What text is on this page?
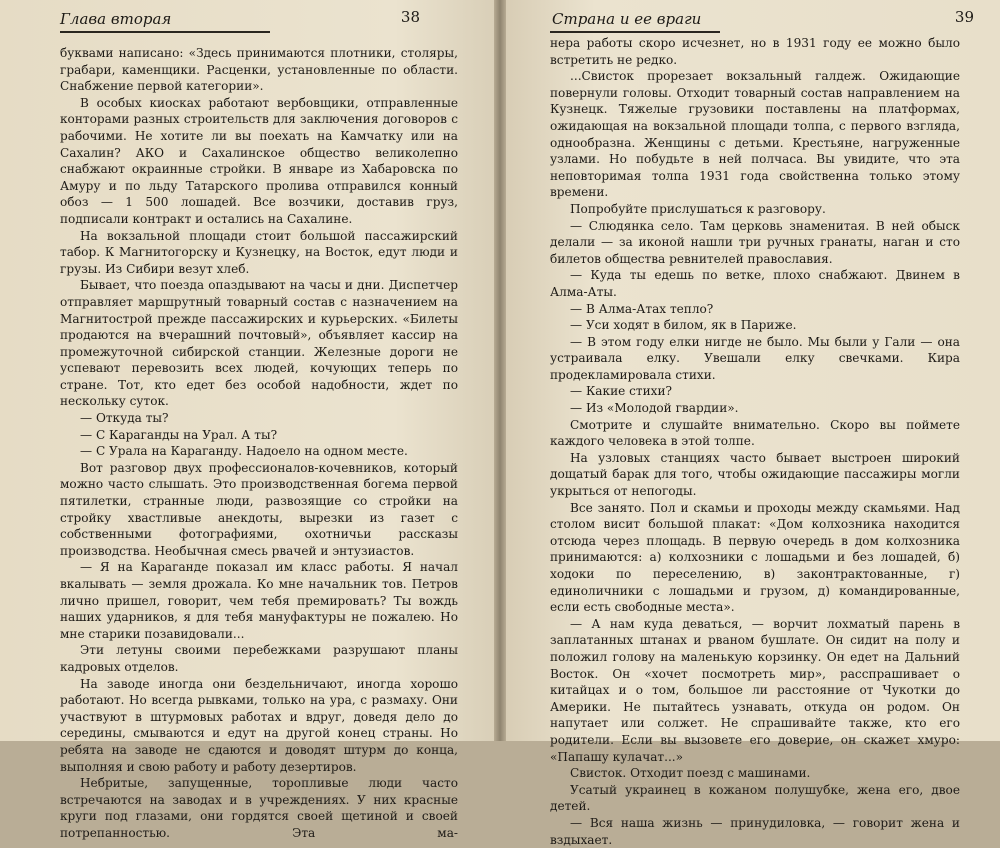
Глава вторая	38

буквами написано: «Здесь принимаются плотники, столяры, грабари, каменщики. Расценки, установленные по области. Снабжение первой категории».

В особых киосках работают вербовщики, отправленные конторами разных строительств для заключения договоров с рабочими. Не хотите ли вы поехать на Камчатку или на Сахалин? АКО и Сахалинское общество великолепно снабжают окраинные стройки. В январе из Хабаровска по Амуру и по льду Татарского пролива отправился конный обоз — 1 500 лошадей. Все возчики, доставив груз, подписали контракт и остались на Сахалине.

На вокзальной площади стоит большой пассажирский табор. К Магнитогорску и Кузнецку, на Восток, едут люди и грузы. Из Сибири везут хлеб.

Бывает, что поезда опаздывают на часы и дни. Диспетчер отправляет маршрутный товарный состав с назначением на Магнитострой прежде пассажирских и курьерских. «Билеты продаются на вчерашний почтовый», объявляет кассир на промежуточной сибирской станции. Железные дороги не успевают перевозить всех людей, кочующих теперь по стране. Тот, кто едет без особой надобности, ждет по нескольку суток.

— Откуда ты?

— С Караганды на Урал. А ты?

— С Урала на Караганду. Надоело на одном месте.

Вот разговор двух профессионалов-кочевников, который можно часто слышать. Это производственная богема первой пятилетки, странные люди, развозящие со стройки на стройку хвастливые анекдоты, вырезки из газет с собственными фотографиями, охотничьи рассказы производства. Необычная смесь рвачей и энтузиастов.

— Я на Караганде показал им класс работы. Я начал вкалывать — земля дрожала. Ко мне начальник тов. Петров лично пришел, говорит, чем тебя премировать? Ты вождь наших ударников, я для тебя мануфактуры не пожалею. Но мне старики позавидовали...

Эти летуны своими перебежками разрушают планы кадровых отделов.

На заводе иногда они бездельничают, иногда хорошо работают. Но всегда рывками, только на ура, с размаху. Они участвуют в штурмовых работах и вдруг, доведя дело до середины, смываются и едут на другой конец страны. Но ребята на заводе не сдаются и доводят штурм до конца, выполняя и свою работу и работу дезертиров.

Небритые, запущенные, торопливые люди часто встречаются на заводах и в учреждениях. У них красные круги под глазами, они гордятся своей щетиной и своей потрепанностью. Эта ма-

Страна и ее враги	39

нера работы скоро исчезнет, но в 1931 году ее можно было встретить не редко.

...Свисток прорезает вокзальный галдеж. Ожидающие повернули головы. Отходит товарный состав направлением на Кузнецк. Тяжелые грузовики поставлены на платформах, ожидающая на вокзальной площади толпа, с первого взгляда, однообразна. Женщины с детьми. Крестьяне, нагруженные узлами. Но побудьте в ней полчаса. Вы увидите, что эта неповторимая толпа 1931 года свойственна только этому времени.

Попробуйте прислушаться к разговору.

— Слюдянка село. Там церковь знаменитая. В ней обыск делали — за иконой нашли три ручных гранаты, наган и сто билетов общества ревнителей православия.

— Куда ты едешь по ветке, плохо снабжают. Двинем в Алма-Аты.

— В Алма-Атах тепло?

— Уси ходят в билом, як в Париже.

— В этом году елки нигде не было. Мы были у Гали — она устраивала елку. Увешали елку свечками. Кира продекламировала стихи.

— Какие стихи?

— Из «Молодой гвардии».

Смотрите и слушайте внимательно. Скоро вы поймете каждого человека в этой толпе.

На узловых станциях часто бывает выстроен широкий дощатый барак для того, чтобы ожидающие пассажиры могли укрыться от непогоды.

Все занято. Пол и скамьи и проходы между скамьями. Над столом висит большой плакат: «Дом колхозника находится отсюда через площадь. В первую очередь в дом колхозника принимаются: а) колхозники с лошадьми и без лошадей, б) ходоки по переселению, в) законтрактованные, г) единоличники с лошадьми и грузом, д) командированные, если есть свободные места».

— А нам куда деваться, — ворчит лохматый парень в заплатанных штанах и рваном бушлате. Он сидит на полу и положил голову на маленькую корзинку. Он едет на Дальний Восток. Он «хочет посмотреть мир», расспрашивает о китайцах и о том, большое ли расстояние от Чукотки до Америки. Не пытайтесь узнавать, откуда он родом. Он напутает или солжет. Не спрашивайте также, кто его родители. Если вы вызовете его доверие, он скажет хмуро: «Папашу кулачат...»

Свисток. Отходит поезд с машинами.

Усатый украинец в кожаном полушубке, жена его, двое детей.

— Вся наша жизнь — принудиловка, — говорит жена и вздыхает.
